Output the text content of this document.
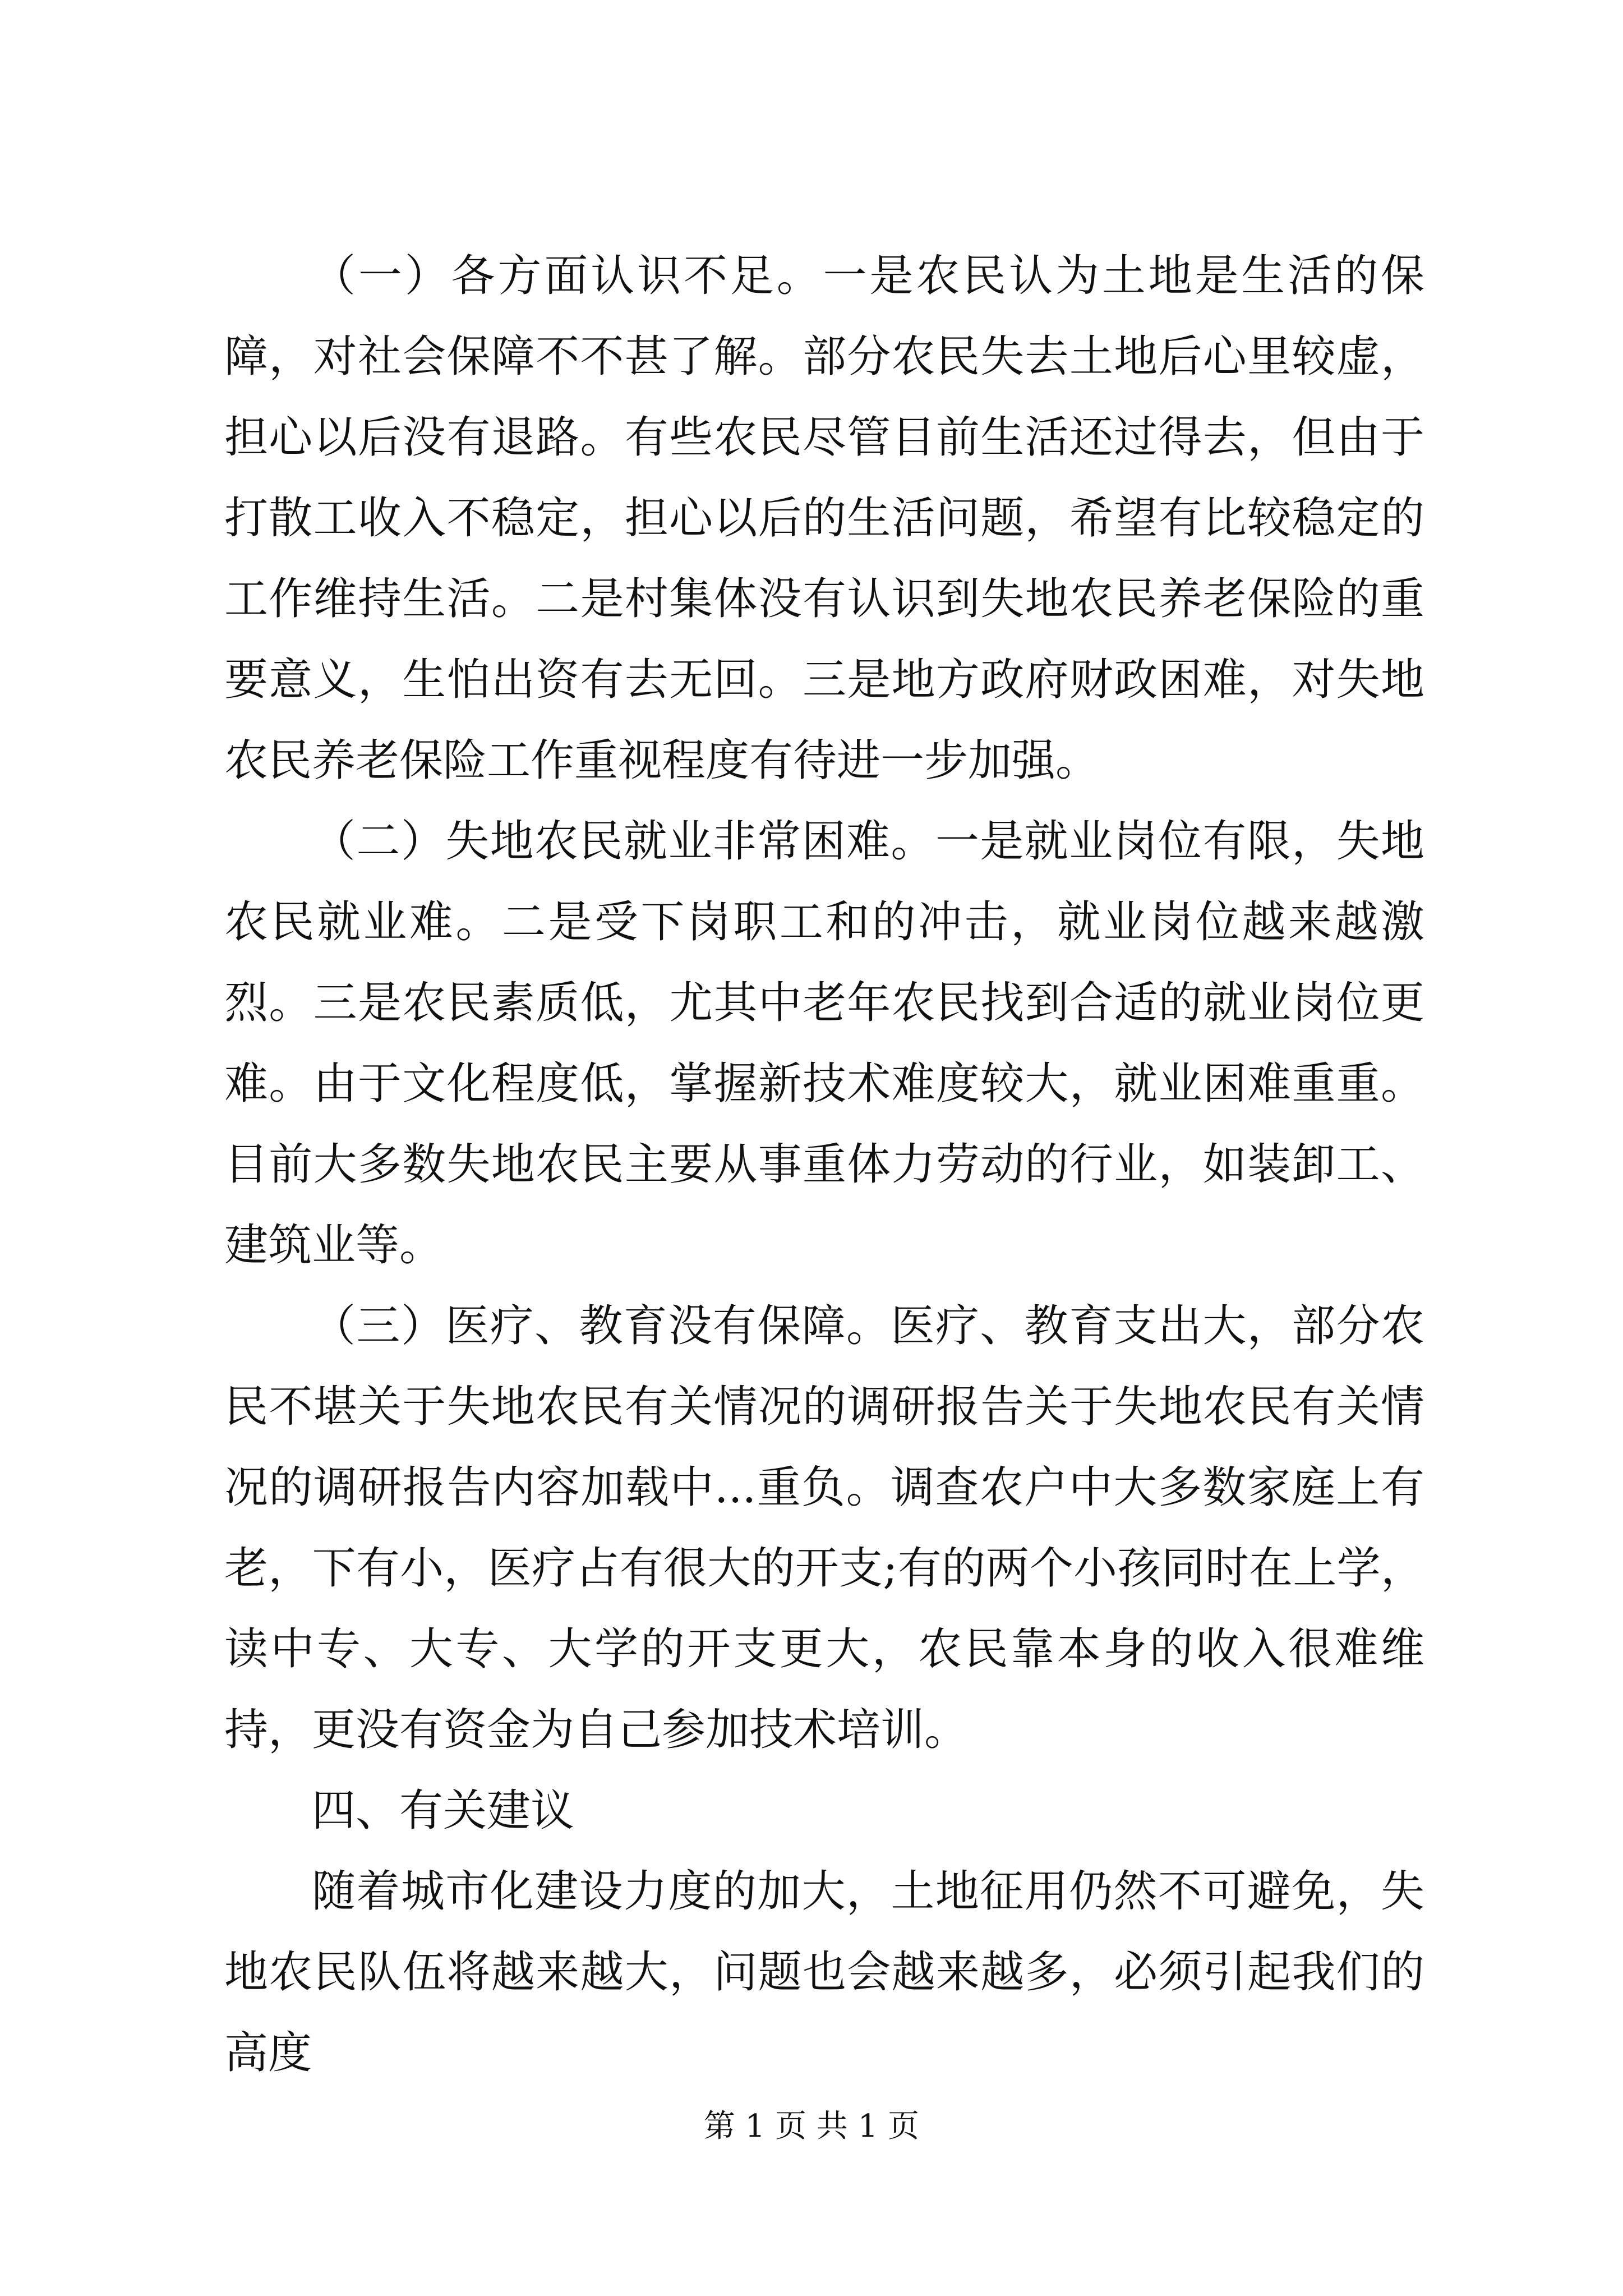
（一）各方面认识不足。一是农民认为土地是生活的保障，对社会保障不不甚了解。部分农民失去土地后心里较虚，担心以后没有退路。有些农民尽管目前生活还过得去，但由于打散工收入不稳定，担心以后的生活问题，希望有比较稳定的工作维持生活。二是村集体没有认识到失地农民养老保险的重要意义，生怕出资有去无回。三是地方政府财政困难，对失地农民养老保险工作重视程度有待进一步加强。

（二）失地农民就业非常困难。一是就业岗位有限，失地农民就业难。二是受下岗职工和的冲击，就业岗位越来越激烈。三是农民素质低，尤其中老年农民找到合适的就业岗位更难。由于文化程度低，掌握新技术难度较大，就业困难重重。目前大多数失地农民主要从事重体力劳动的行业，如装卸工、建筑业等。

（三）医疗、教育没有保障。医疗、教育支出大，部分农民不堪关于失地农民有关情况的调研报告关于失地农民有关情况的调研报告内容加载中...重负。调查农户中大多数家庭上有老，下有小，医疗占有很大的开支;有的两个小孩同时在上学，读中专、大专、大学的开支更大，农民靠本身的收入很难维持，更没有资金为自己参加技术培训。

四、有关建议

随着城市化建设力度的加大，土地征用仍然不可避免，失地农民队伍将越来越大，问题也会越来越多，必须引起我们的高度

第 1 页 共 1 页
